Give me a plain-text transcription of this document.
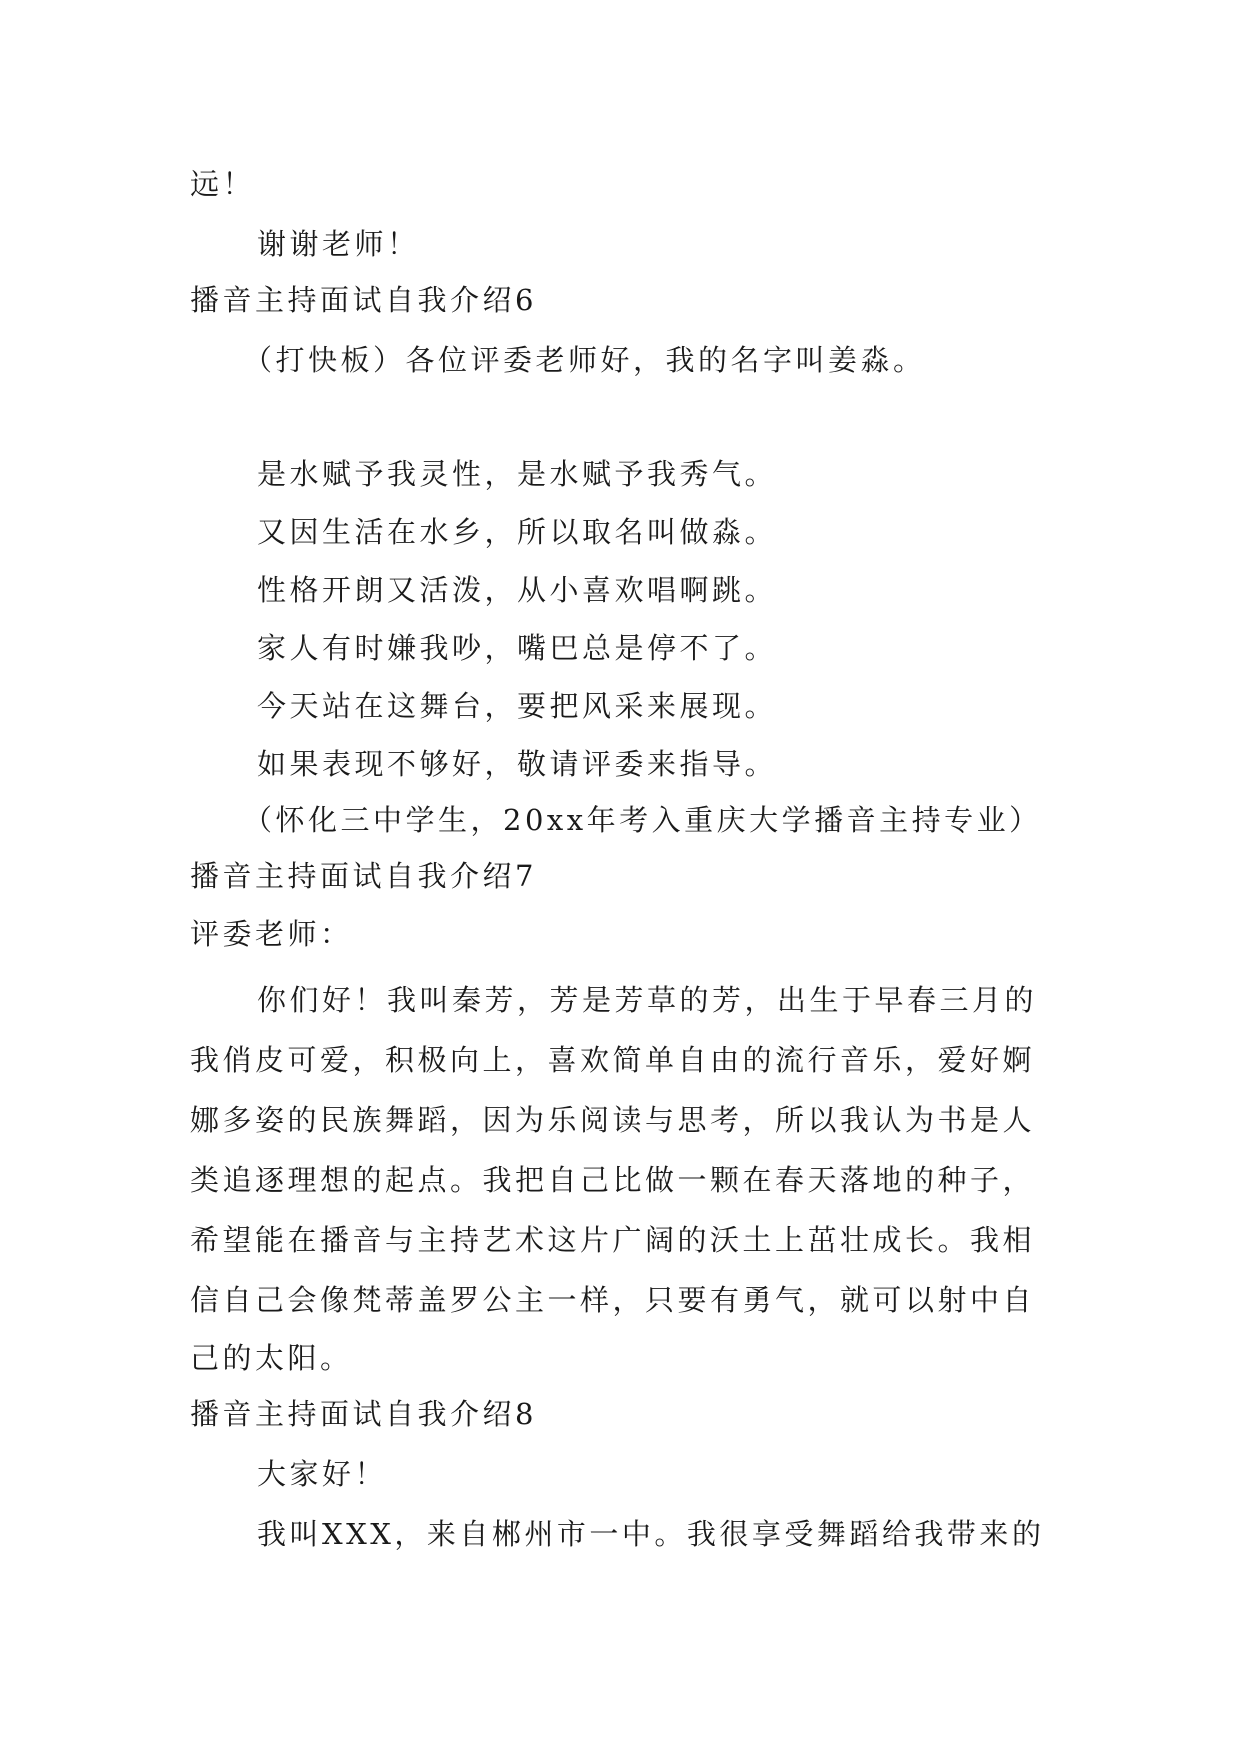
远！
谢谢老师！
播音主持面试自我介绍6
（打快板）各位评委老师好，我的名字叫姜淼。
是水赋予我灵性，是水赋予我秀气。
又因生活在水乡，所以取名叫做淼。
性格开朗又活泼，从小喜欢唱啊跳。
家人有时嫌我吵，嘴巴总是停不了。
今天站在这舞台，要把风采来展现。
如果表现不够好，敬请评委来指导。
（怀化三中学生，20xx年考入重庆大学播音主持专业）
播音主持面试自我介绍7
评委老师：
你们好！我叫秦芳，芳是芳草的芳，出生于早春三月的
我俏皮可爱，积极向上，喜欢简单自由的流行音乐，爱好婀
娜多姿的民族舞蹈，因为乐阅读与思考，所以我认为书是人
类追逐理想的起点。我把自己比做一颗在春天落地的种子，
希望能在播音与主持艺术这片广阔的沃土上茁壮成长。我相
信自己会像梵蒂盖罗公主一样，只要有勇气，就可以射中自
己的太阳。
播音主持面试自我介绍8
大家好！
我叫XXX，来自郴州市一中。我很享受舞蹈给我带来的
